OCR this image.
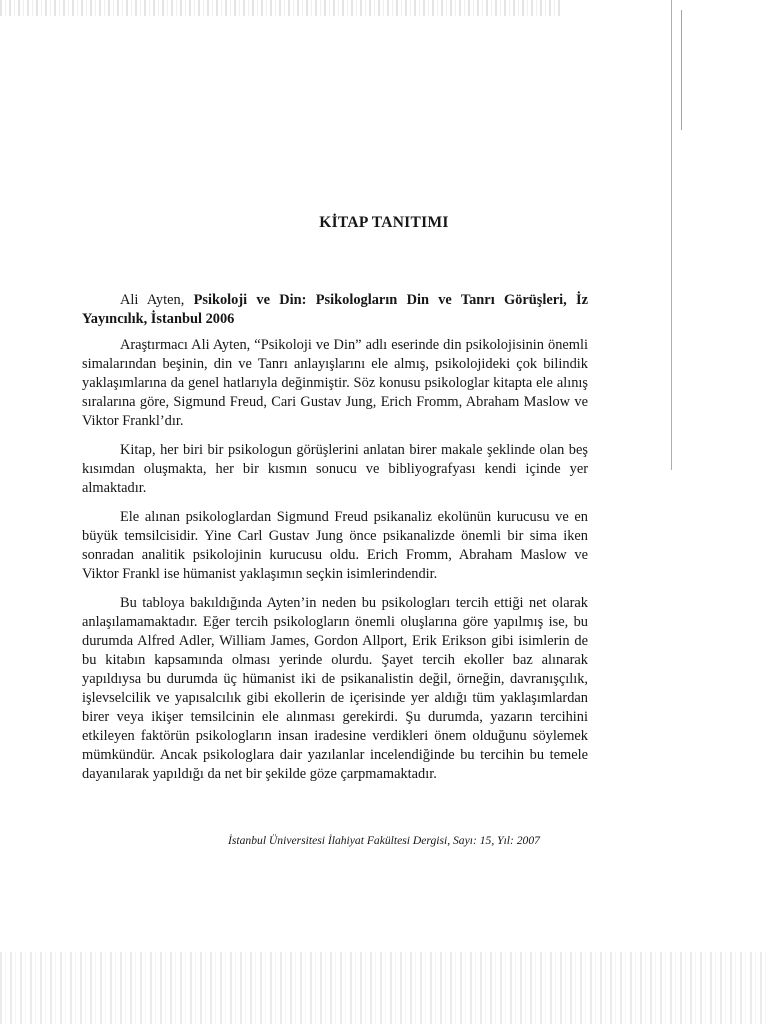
KİTAP TANITIMI

Ali Ayten, Psikoloji ve Din: Psikologların Din ve Tanrı Görüşleri, İz Yayıncılık, İstanbul 2006

Araştırmacı Ali Ayten, “Psikoloji ve Din” adlı eserinde din psikolojisinin önemli simalarından beşinin, din ve Tanrı anlayışlarını ele almış, psikolojideki çok bilindik yaklaşımlarına da genel hatlarıyla değinmiştir. Söz konusu psikologlar kitapta ele alınış sıralarına göre, Sigmund Freud, Cari Gustav Jung, Erich Fromm, Abraham Maslow ve Viktor Frankl’dır.

Kitap, her biri bir psikologun görüşlerini anlatan birer makale şeklinde olan beş kısımdan oluşmakta, her bir kısmın sonucu ve bibliyografyası kendi içinde yer almaktadır.

Ele alınan psikologlardan Sigmund Freud psikanaliz ekolünün kurucusu ve en büyük temsilcisidir. Yine Carl Gustav Jung önce psikanalizde önemli bir sima iken sonradan analitik psikolojinin kurucusu oldu. Erich Fromm, Abraham Maslow ve Viktor Frankl ise hümanist yaklaşımın seçkin isimlerindendir.

Bu tabloya bakıldığında Ayten’in neden bu psikologları tercih ettiği net olarak anlaşılamamaktadır. Eğer tercih psikologların önemli oluşlarına göre yapılmış ise, bu durumda Alfred Adler, William James, Gordon Allport, Erik Erikson gibi isimlerin de bu kitabın kapsamında olması yerinde olurdu. Şayet tercih ekoller baz alınarak yapıldıysa bu durumda üç hümanist iki de psikanalistin değil, örneğin, davranışçılık, işlevselcilik ve yapısalcılık gibi ekollerin de içerisinde yer aldığı tüm yaklaşımlardan birer veya ikişer temsilcinin ele alınması gerekirdi. Şu durumda, yazarın tercihini etkileyen faktörün psikologların insan iradesine verdikleri önem olduğunu söylemek mümkündür. Ancak psikologlara dair yazılanlar incelendiğinde bu tercihin bu temele dayanılarak yapıldığı da net bir şekilde göze çarpmamaktadır.

İstanbul Üniversitesi İlahiyat Fakültesi Dergisi, Sayı: 15, Yıl: 2007
